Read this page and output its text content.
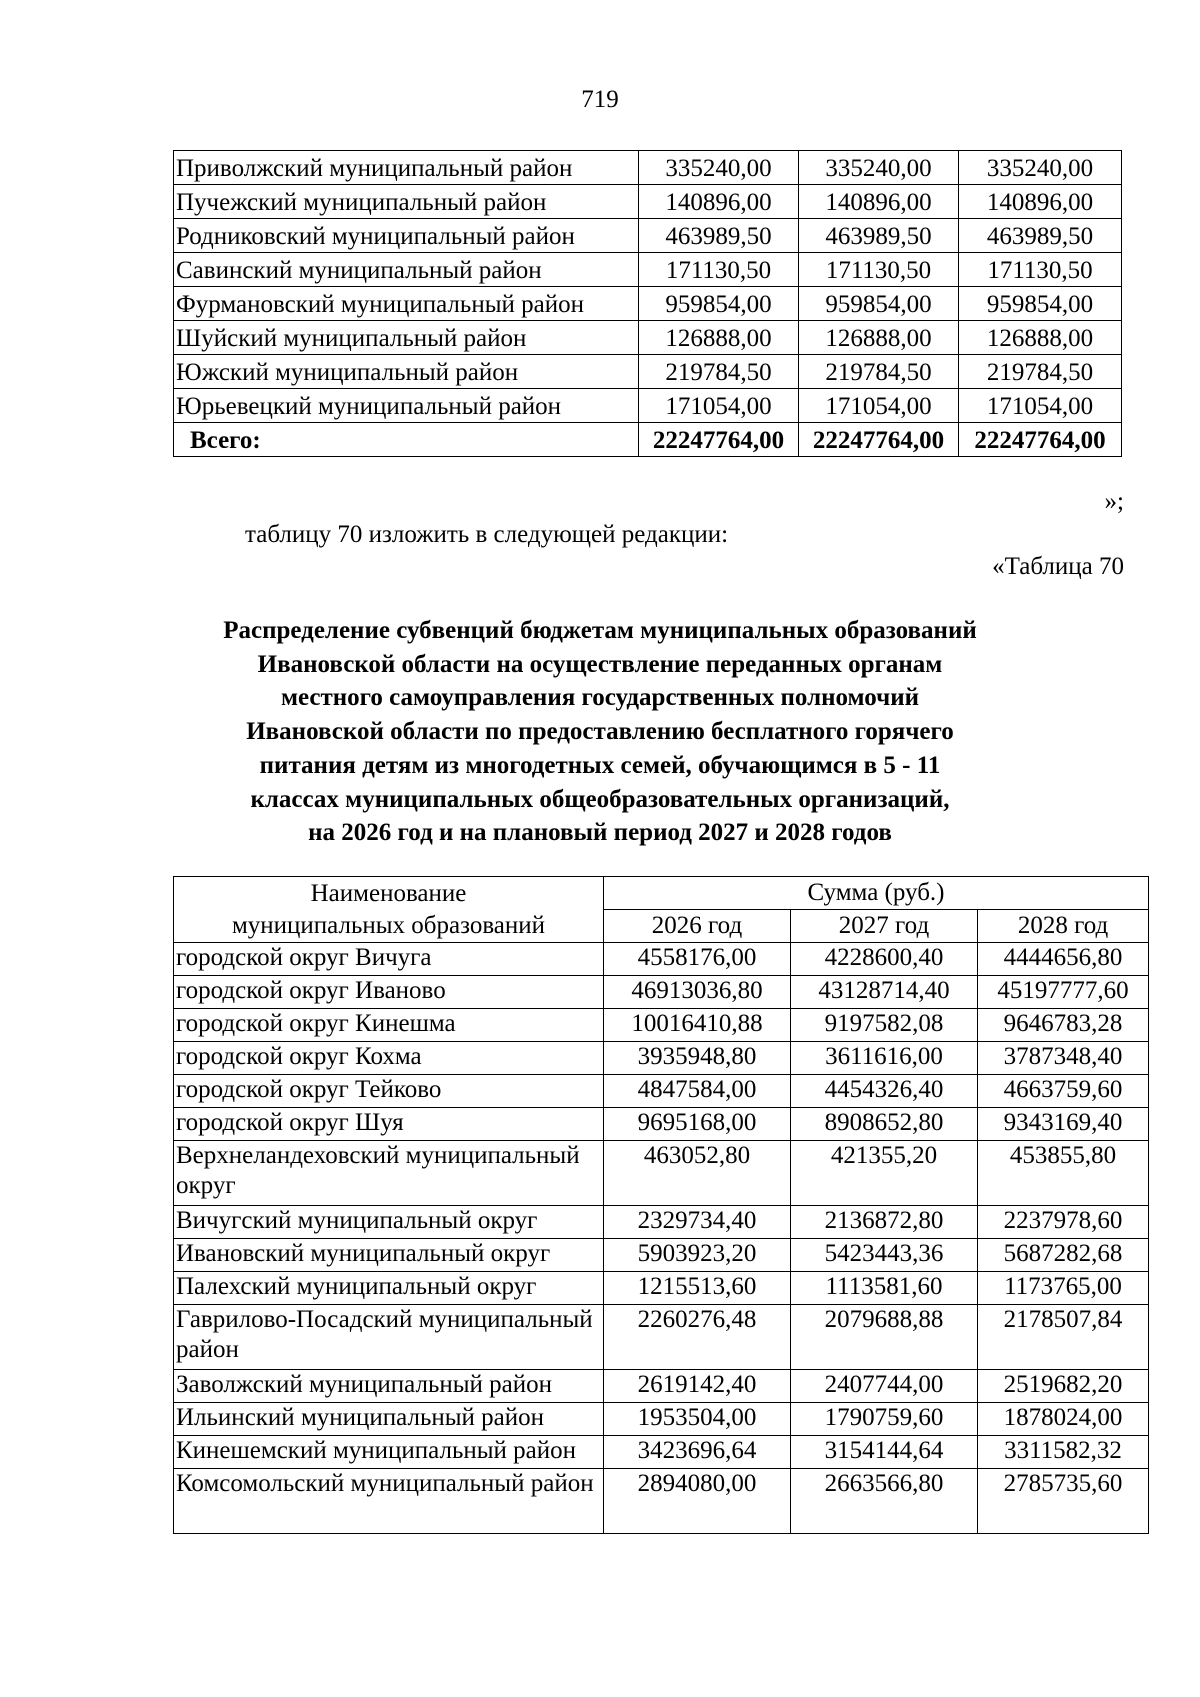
719
Приволжский муниципальный район	335240,00	335240,00	335240,00
Пучежский муниципальный район	140896,00	140896,00	140896,00
Родниковский муниципальный район	463989,50	463989,50	463989,50
Савинский муниципальный район	171130,50	171130,50	171130,50
Фурмановский муниципальный район	959854,00	959854,00	959854,00
Шуйский муниципальный район	126888,00	126888,00	126888,00
Южский муниципальный район	219784,50	219784,50	219784,50
Юрьевецкий муниципальный район	171054,00	171054,00	171054,00
Всего:	22247764,00	22247764,00	22247764,00
»;
таблицу 70 изложить в следующей редакции:
«Таблица 70
Распределение субвенций бюджетам муниципальных образований
Ивановской области на осуществление переданных органам
местного самоуправления государственных полномочий
Ивановской области по предоставлению бесплатного горячего
питания детям из многодетных семей, обучающимся в 5 - 11
классах муниципальных общеобразовательных организаций,
на 2026 год и на плановый период 2027 и 2028 годов
Наименование
муниципальных образований	Сумма (руб.)		
	2026 год	2027 год	2028 год
городской округ Вичуга	4558176,00	4228600,40	4444656,80
городской округ Иваново	46913036,80	43128714,40	45197777,60
городской округ Кинешма	10016410,88	9197582,08	9646783,28
городской округ Кохма	3935948,80	3611616,00	3787348,40
городской округ Тейково	4847584,00	4454326,40	4663759,60
городской округ Шуя	9695168,00	8908652,80	9343169,40
Верхнеландеховский муниципальный округ	463052,80	421355,20	453855,80
Вичугский муниципальный округ	2329734,40	2136872,80	2237978,60
Ивановский муниципальный округ	5903923,20	5423443,36	5687282,68
Палехский муниципальный округ	1215513,60	1113581,60	1173765,00
Гаврилово-Посадский муниципальный район	2260276,48	2079688,88	2178507,84
Заволжский муниципальный район	2619142,40	2407744,00	2519682,20
Ильинский муниципальный район	1953504,00	1790759,60	1878024,00
Кинешемский муниципальный район	3423696,64	3154144,64	3311582,32
Комсомольский муниципальный район	2894080,00	2663566,80	2785735,60
